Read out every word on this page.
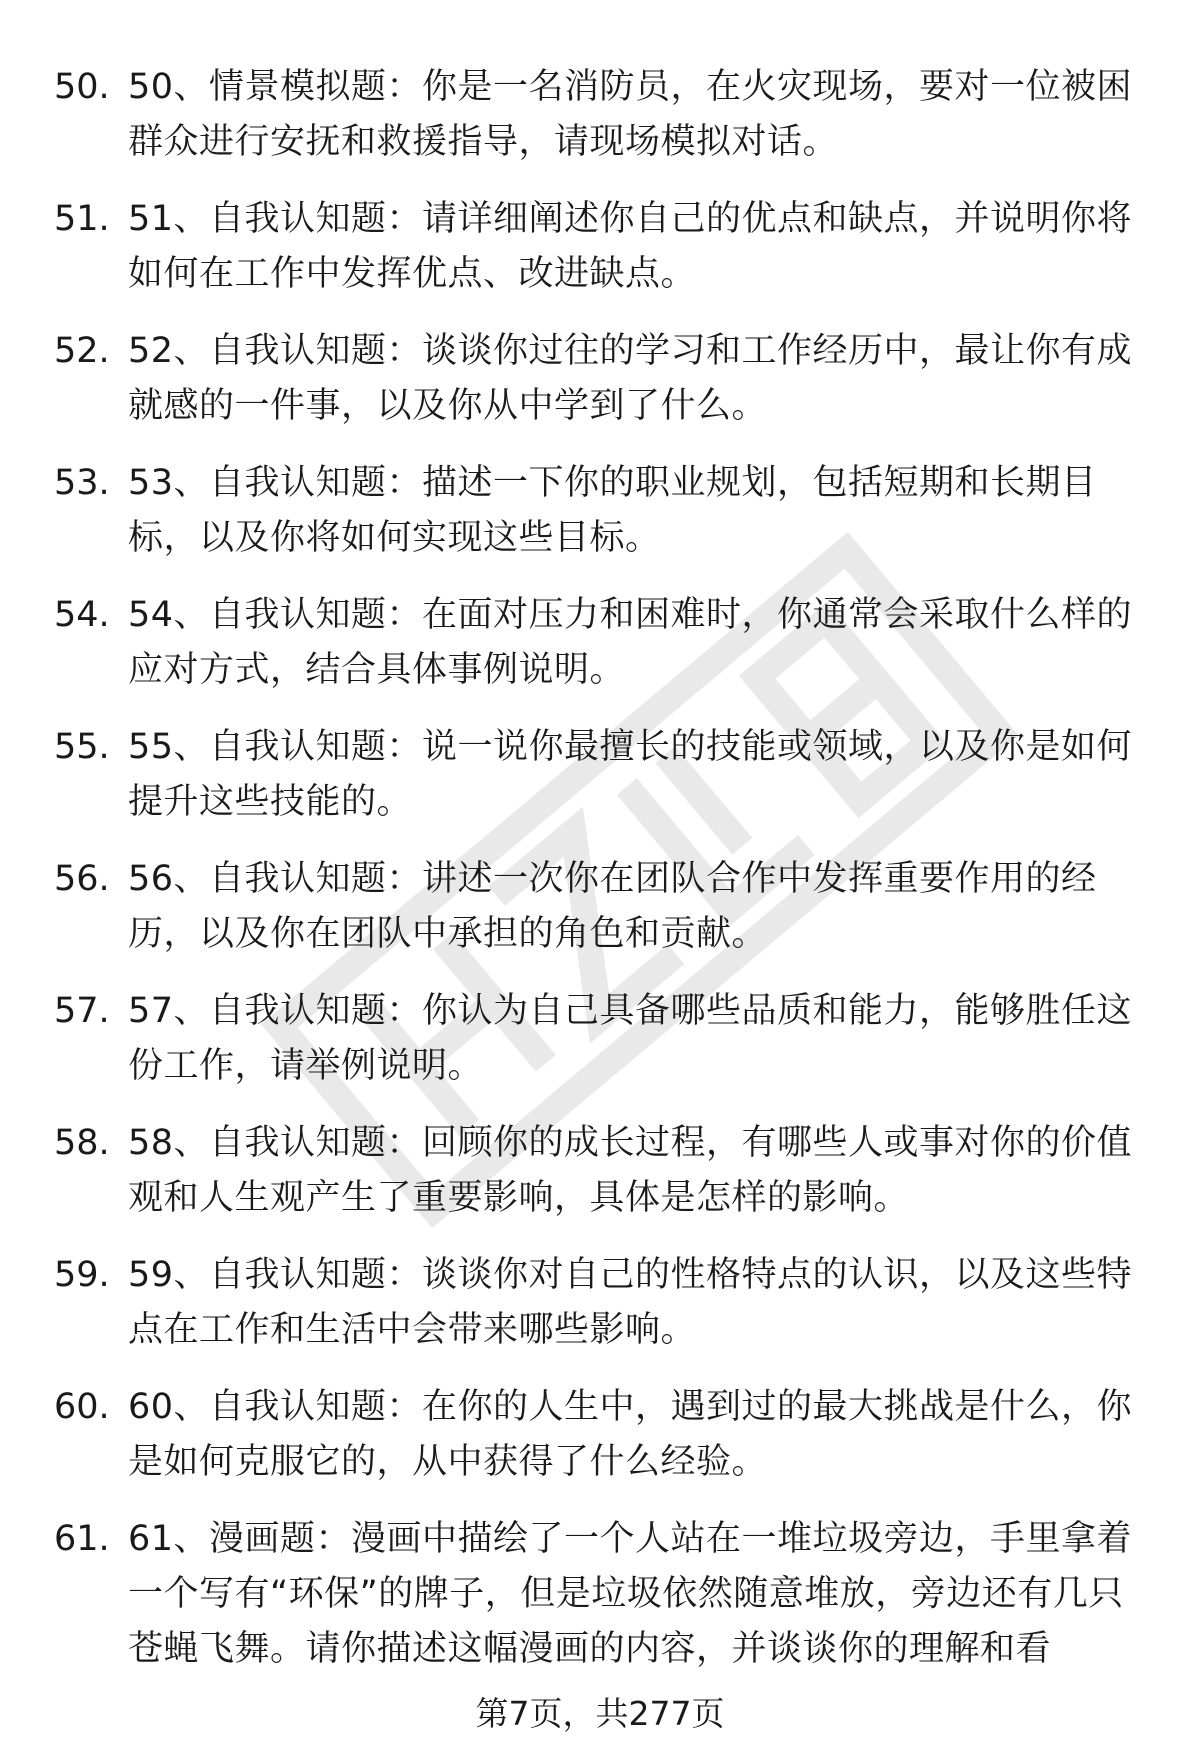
50. 50、情景模拟题：你是一名消防员，在火灾现场，要对一位被困群众进行安抚和救援指导，请现场模拟对话。
51. 51、自我认知题：请详细阐述你自己的优点和缺点，并说明你将如何在工作中发挥优点、改进缺点。
52. 52、自我认知题：谈谈你过往的学习和工作经历中，最让你有成就感的一件事，以及你从中学到了什么。
53. 53、自我认知题：描述一下你的职业规划，包括短期和长期目标，以及你将如何实现这些目标。
54. 54、自我认知题：在面对压力和困难时，你通常会采取什么样的应对方式，结合具体事例说明。
55. 55、自我认知题：说一说你最擅长的技能或领域，以及你是如何提升这些技能的。
56. 56、自我认知题：讲述一次你在团队合作中发挥重要作用的经历，以及你在团队中承担的角色和贡献。
57. 57、自我认知题：你认为自己具备哪些品质和能力，能够胜任这份工作，请举例说明。
58. 58、自我认知题：回顾你的成长过程，有哪些人或事对你的价值观和人生观产生了重要影响，具体是怎样的影响。
59. 59、自我认知题：谈谈你对自己的性格特点的认识，以及这些特点在工作和生活中会带来哪些影响。
60. 60、自我认知题：在你的人生中，遇到过的最大挑战是什么，你是如何克服它的，从中获得了什么经验。
61. 61、漫画题：漫画中描绘了一个人站在一堆垃圾旁边，手里拿着一个写有“环保”的牌子，但是垃圾依然随意堆放，旁边还有几只苍蝇飞舞。请你描述这幅漫画的内容，并谈谈你的理解和看
第7页，共277页
